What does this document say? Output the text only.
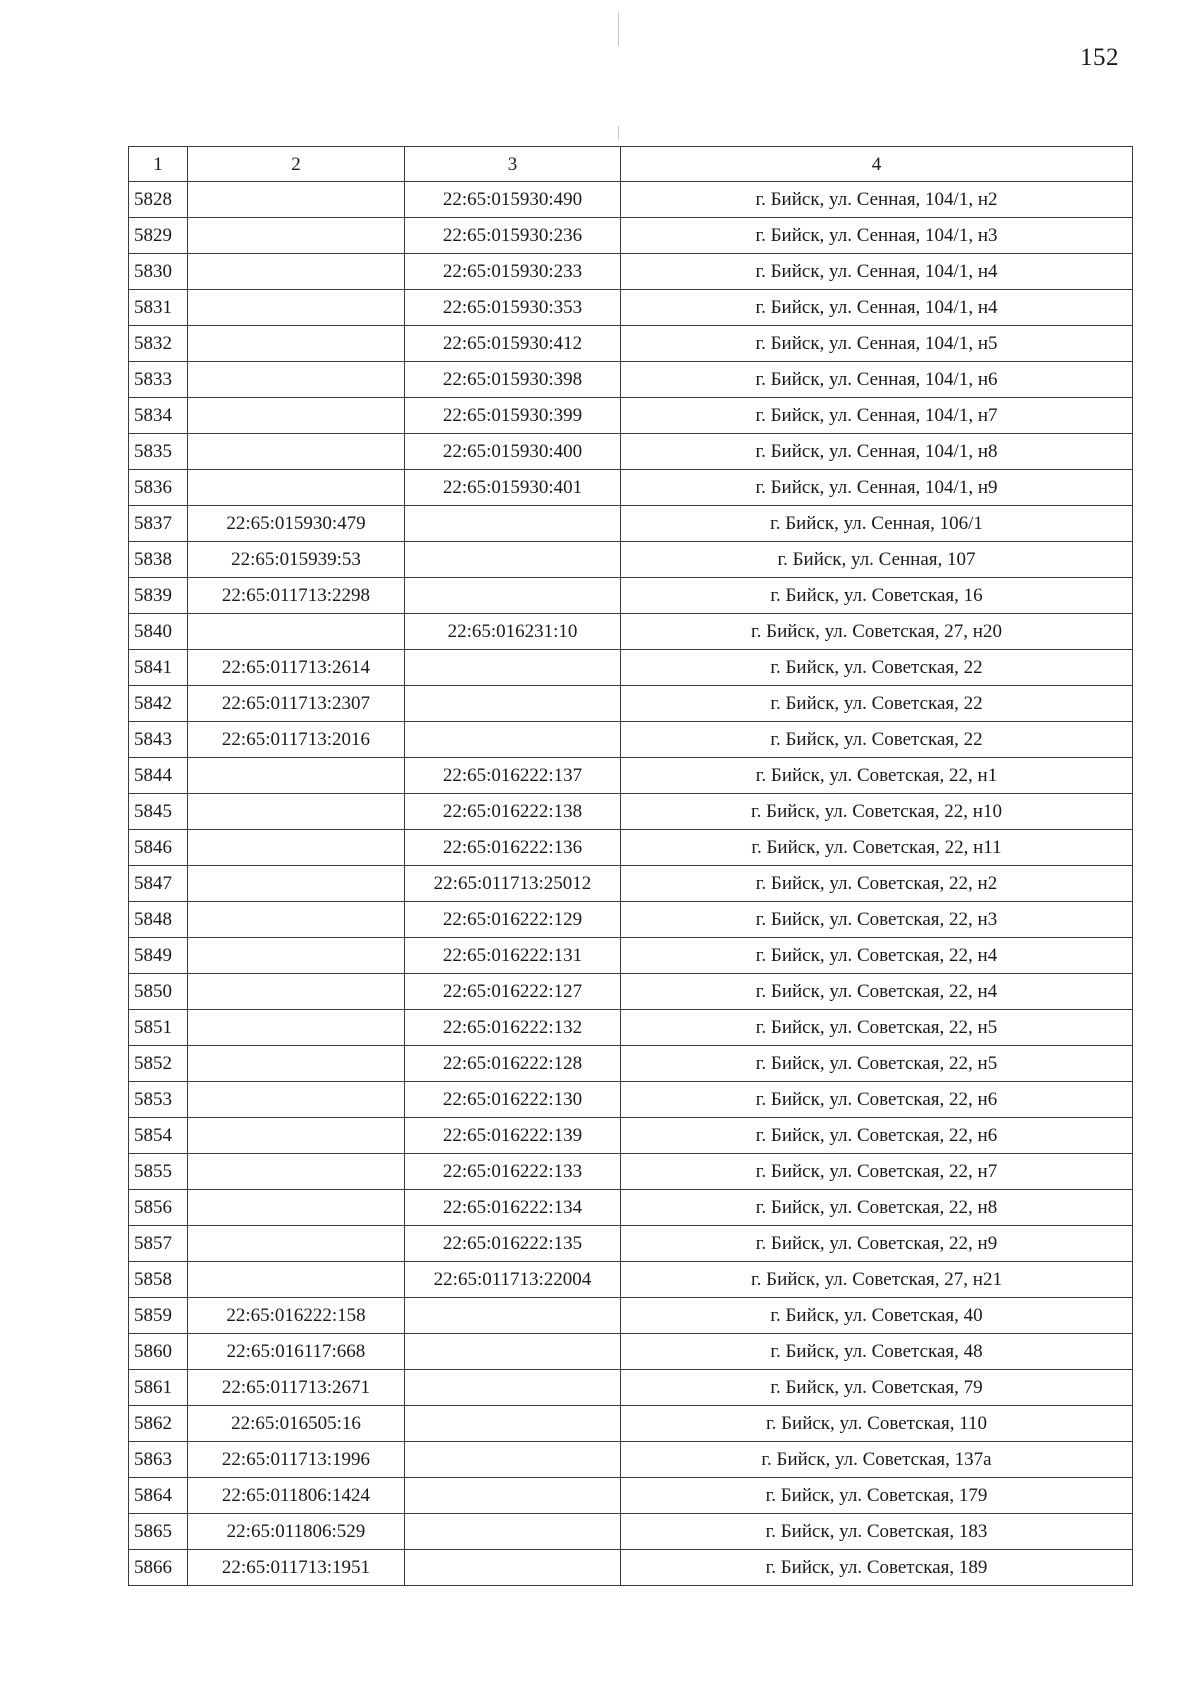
152
1	2	3	4
5828		22:65:015930:490	г. Бийск, ул. Сенная, 104/1, н2
5829		22:65:015930:236	г. Бийск, ул. Сенная, 104/1, н3
5830		22:65:015930:233	г. Бийск, ул. Сенная, 104/1, н4
5831		22:65:015930:353	г. Бийск, ул. Сенная, 104/1, н4
5832		22:65:015930:412	г. Бийск, ул. Сенная, 104/1, н5
5833		22:65:015930:398	г. Бийск, ул. Сенная, 104/1, н6
5834		22:65:015930:399	г. Бийск, ул. Сенная, 104/1, н7
5835		22:65:015930:400	г. Бийск, ул. Сенная, 104/1, н8
5836		22:65:015930:401	г. Бийск, ул. Сенная, 104/1, н9
5837	22:65:015930:479		г. Бийск, ул. Сенная, 106/1
5838	22:65:015939:53		г. Бийск, ул. Сенная, 107
5839	22:65:011713:2298		г. Бийск, ул. Советская, 16
5840		22:65:016231:10	г. Бийск, ул. Советская, 27, н20
5841	22:65:011713:2614		г. Бийск, ул. Советская, 22
5842	22:65:011713:2307		г. Бийск, ул. Советская, 22
5843	22:65:011713:2016		г. Бийск, ул. Советская, 22
5844		22:65:016222:137	г. Бийск, ул. Советская, 22, н1
5845		22:65:016222:138	г. Бийск, ул. Советская, 22, н10
5846		22:65:016222:136	г. Бийск, ул. Советская, 22, н11
5847		22:65:011713:25012	г. Бийск, ул. Советская, 22, н2
5848		22:65:016222:129	г. Бийск, ул. Советская, 22, н3
5849		22:65:016222:131	г. Бийск, ул. Советская, 22, н4
5850		22:65:016222:127	г. Бийск, ул. Советская, 22, н4
5851		22:65:016222:132	г. Бийск, ул. Советская, 22, н5
5852		22:65:016222:128	г. Бийск, ул. Советская, 22, н5
5853		22:65:016222:130	г. Бийск, ул. Советская, 22, н6
5854		22:65:016222:139	г. Бийск, ул. Советская, 22, н6
5855		22:65:016222:133	г. Бийск, ул. Советская, 22, н7
5856		22:65:016222:134	г. Бийск, ул. Советская, 22, н8
5857		22:65:016222:135	г. Бийск, ул. Советская, 22, н9
5858		22:65:011713:22004	г. Бийск, ул. Советская, 27, н21
5859	22:65:016222:158		г. Бийск, ул. Советская, 40
5860	22:65:016117:668		г. Бийск, ул. Советская, 48
5861	22:65:011713:2671		г. Бийск, ул. Советская, 79
5862	22:65:016505:16		г. Бийск, ул. Советская, 110
5863	22:65:011713:1996		г. Бийск, ул. Советская, 137а
5864	22:65:011806:1424		г. Бийск, ул. Советская, 179
5865	22:65:011806:529		г. Бийск, ул. Советская, 183
5866	22:65:011713:1951		г. Бийск, ул. Советская, 189
